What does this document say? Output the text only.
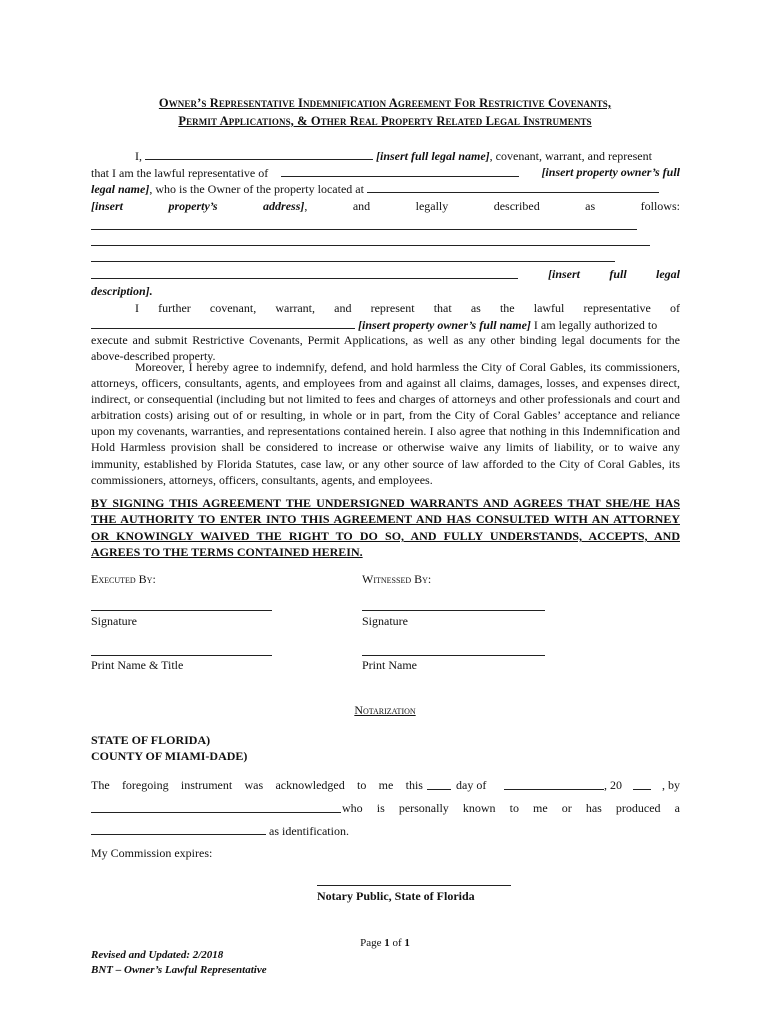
Owner’s Representative Indemnification Agreement For Restrictive Covenants,
Permit Applications, & Other Real Property Related Legal Instruments
I,	[insert full legal name], covenant, warrant, and represent
that I am the lawful representative of	[insert property owner’s full
legal name], who is the Owner of the property located at
[insert	property’s	address],	and	legally	described	as	follows:
[insert full legal
description].
I further covenant, warrant, and represent that as the lawful representative of
[insert property owner’s full name] I am legally authorized to
execute and submit Restrictive Covenants, Permit Applications, as well as any other binding legal documents for the above-described property.
Moreover, I hereby agree to indemnify, defend, and hold harmless the City of Coral Gables, its commissioners, attorneys, officers, consultants, agents, and employees from and against all claims, damages, losses, and expenses direct, indirect, or consequential (including but not limited to fees and charges of attorneys and other professionals and court and arbitration costs) arising out of or resulting, in whole or in part, from the City of Coral Gables’ acceptance and reliance upon my covenants, warranties, and representations contained herein. I also agree that nothing in this Indemnification and Hold Harmless provision shall be considered to increase or otherwise waive any limits of liability, or to waive any immunity, established by Florida Statutes, case law, or any other source of law afforded to the City of Coral Gables, its commissioners, attorneys, officers, consultants, agents, and employees.
BY SIGNING THIS AGREEMENT THE UNDERSIGNED WARRANTS AND AGREES THAT SHE/HE HAS THE AUTHORITY TO ENTER INTO THIS AGREEMENT AND HAS CONSULTED WITH AN ATTORNEY OR KNOWINGLY WAIVED THE RIGHT TO DO SO, AND FULLY UNDERSTANDS, ACCEPTS, AND AGREES TO THE TERMS CONTAINED HEREIN.
Executed By:	Witnessed By:
Signature	Signature
Print Name & Title	Print Name
Notarization
STATE OF FLORIDA)
COUNTY OF MIAMI-DADE)
The foregoing instrument was acknowledged to me this	day of	, 20	, by
who is personally known to me or has produced a
as identification.
My Commission expires:
Notary Public, State of Florida
Page 1 of 1
Revised and Updated: 2/2018
BNT – Owner’s Lawful Representative
